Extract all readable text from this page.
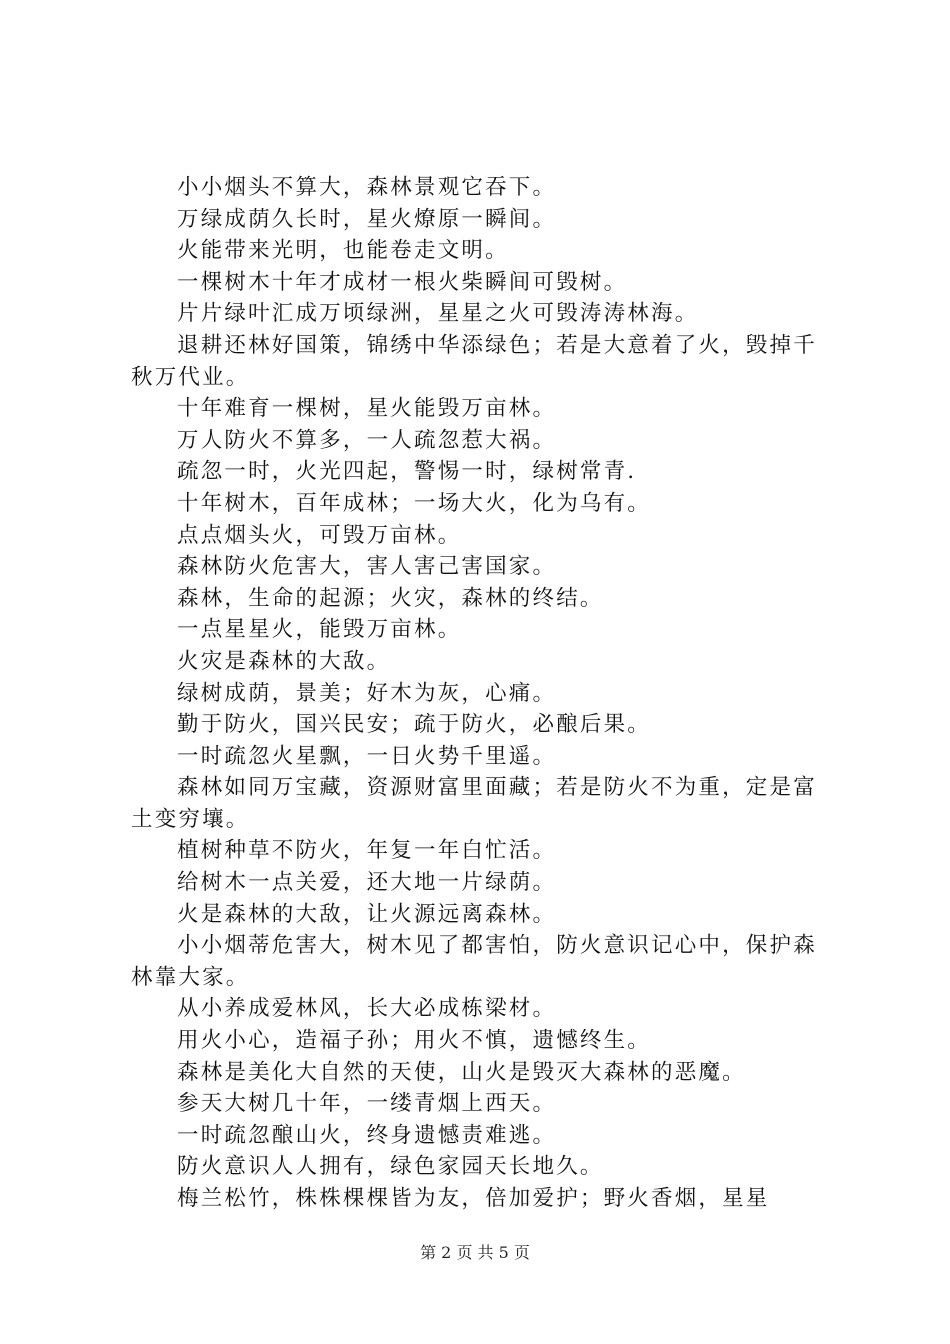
小小烟头不算大，森林景观它吞下。

万绿成荫久长时，星火燎原一瞬间。

火能带来光明，也能卷走文明。

一棵树木十年才成材一根火柴瞬间可毁树。

片片绿叶汇成万顷绿洲，星星之火可毁涛涛林海。

退耕还林好国策，锦绣中华添绿色；若是大意着了火，毁掉千秋万代业。

十年难育一棵树，星火能毁万亩林。

万人防火不算多，一人疏忽惹大祸。

疏忽一时，火光四起，警惕一时，绿树常青.

十年树木，百年成林；一场大火，化为乌有。

点点烟头火，可毁万亩林。

森林防火危害大，害人害己害国家。

森林，生命的起源；火灾，森林的终结。

一点星星火，能毁万亩林。

火灾是森林的大敌。

绿树成荫，景美；好木为灰，心痛。

勤于防火，国兴民安；疏于防火，必酿后果。

一时疏忽火星飘，一日火势千里遥。

森林如同万宝藏，资源财富里面藏；若是防火不为重，定是富土变穷壤。

植树种草不防火，年复一年白忙活。

给树木一点关爱，还大地一片绿荫。

火是森林的大敌，让火源远离森林。

小小烟蒂危害大，树木见了都害怕，防火意识记心中，保护森林靠大家。

从小养成爱林风，长大必成栋梁材。

用火小心，造福子孙；用火不慎，遗憾终生。

森林是美化大自然的天使，山火是毁灭大森林的恶魔。

参天大树几十年，一缕青烟上西天。

一时疏忽酿山火，终身遗憾责难逃。

防火意识人人拥有，绿色家园天长地久。

梅兰松竹，株株棵棵皆为友，倍加爱护；野火香烟，星星

第 2 页 共 5 页
